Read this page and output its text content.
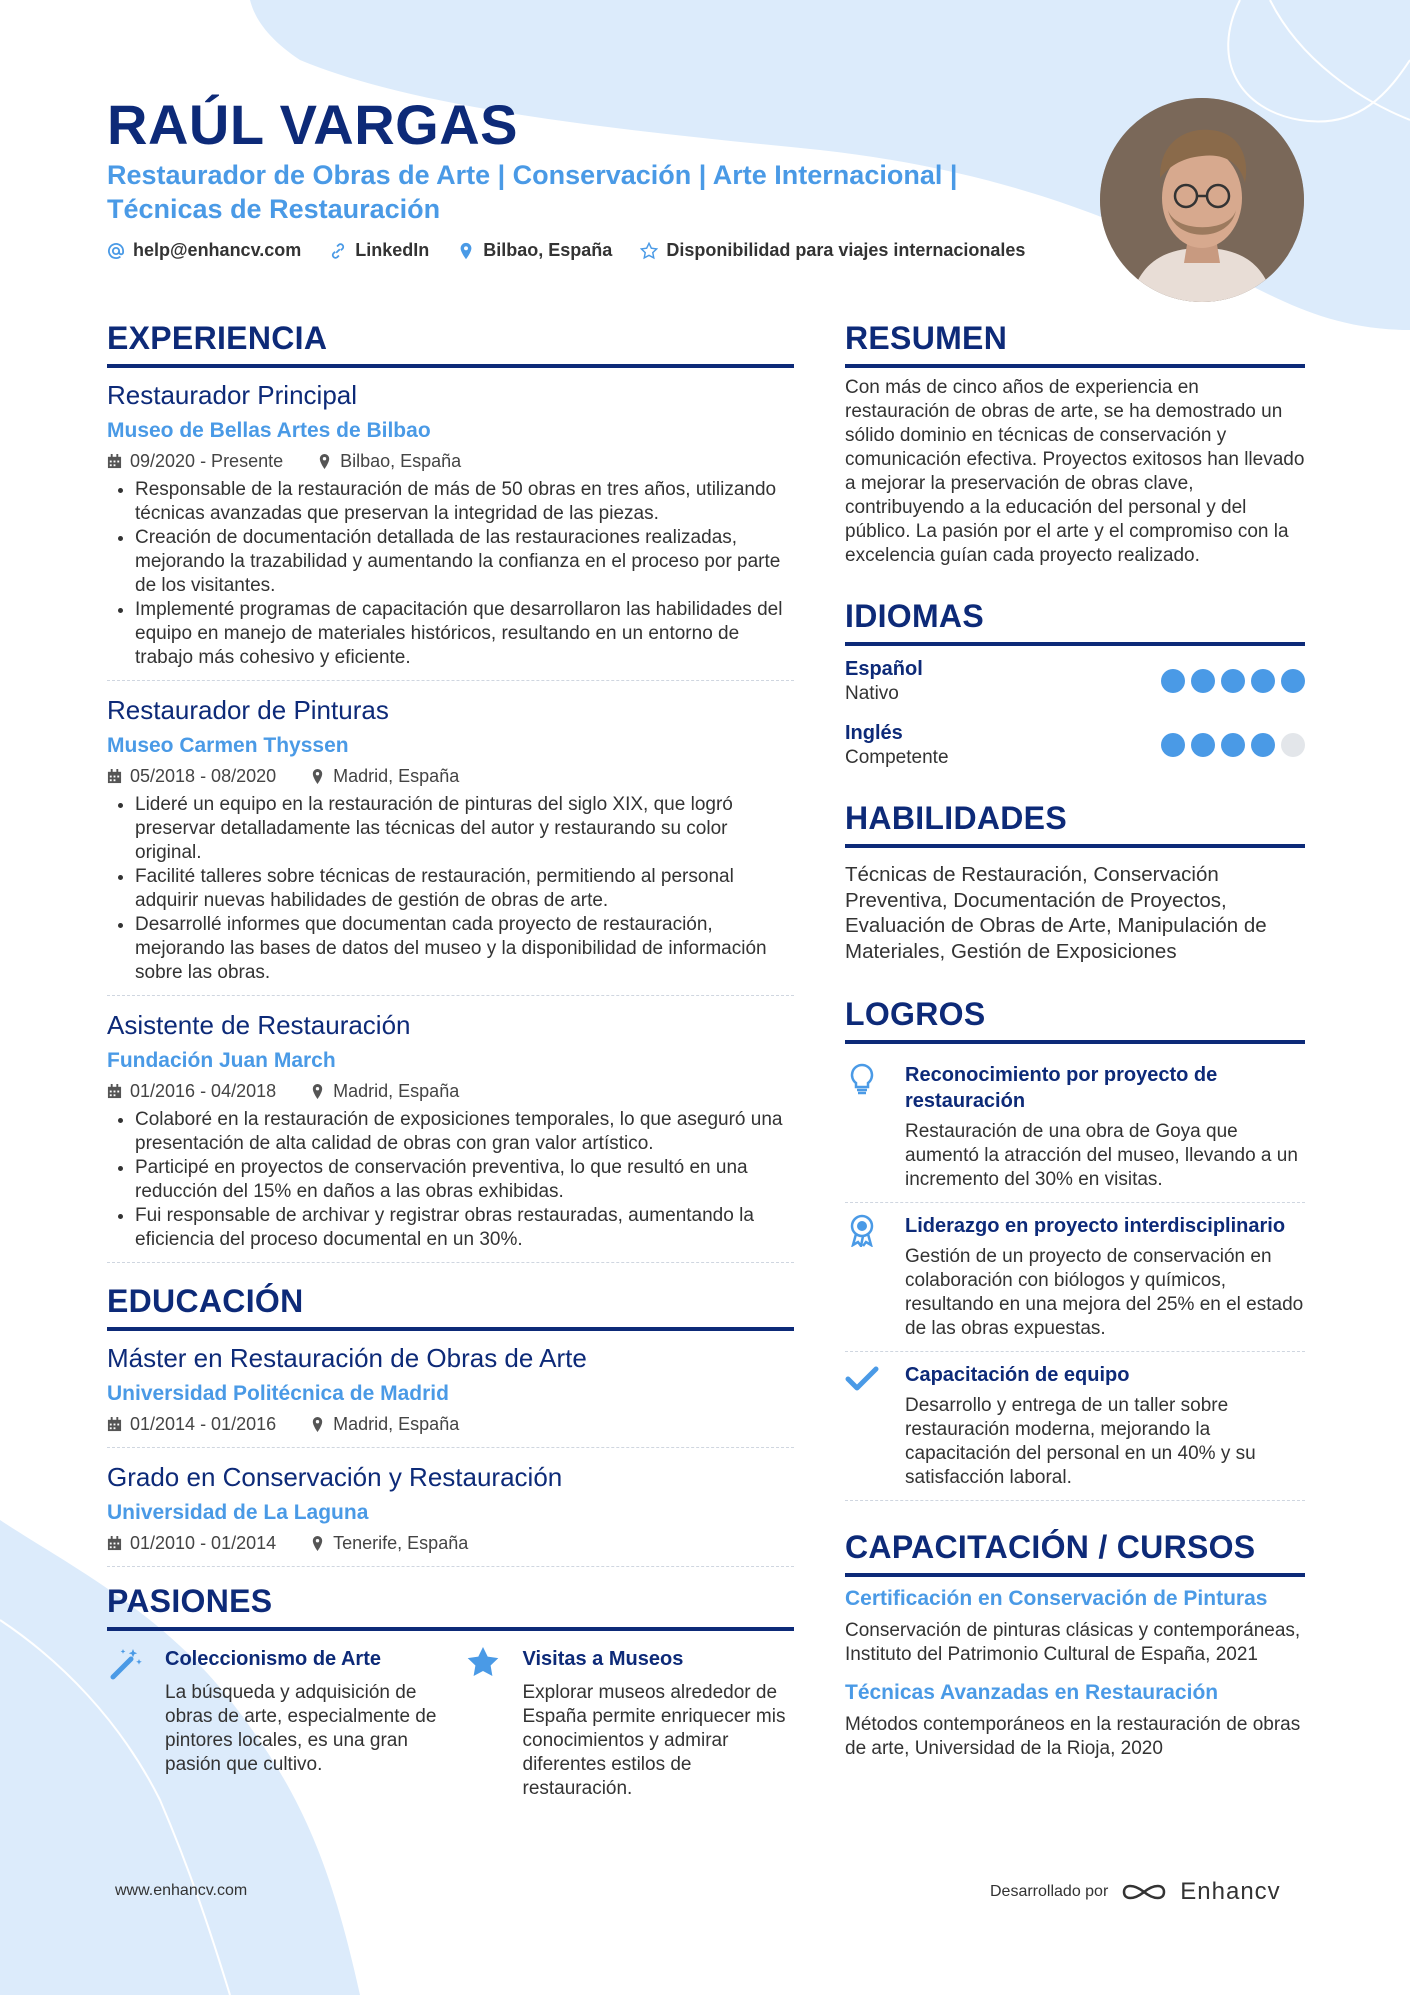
RAÚL VARGAS
Restaurador de Obras de Arte | Conservación | Arte Internacional | Técnicas de Restauración
help@enhancv.com	LinkedIn	Bilbao, España	Disponibilidad para viajes internacionales
EXPERIENCIA
Restaurador Principal
Museo de Bellas Artes de Bilbao
09/2020 - Presente	Bilbao, España
• Responsable de la restauración de más de 50 obras en tres años, utilizando técnicas avanzadas que preservan la integridad de las piezas.
• Creación de documentación detallada de las restauraciones realizadas, mejorando la trazabilidad y aumentando la confianza en el proceso por parte de los visitantes.
• Implementé programas de capacitación que desarrollaron las habilidades del equipo en manejo de materiales históricos, resultando en un entorno de trabajo más cohesivo y eficiente.
Restaurador de Pinturas
Museo Carmen Thyssen
05/2018 - 08/2020	Madrid, España
• Lideré un equipo en la restauración de pinturas del siglo XIX, que logró preservar detalladamente las técnicas del autor y restaurando su color original.
• Facilité talleres sobre técnicas de restauración, permitiendo al personal adquirir nuevas habilidades de gestión de obras de arte.
• Desarrollé informes que documentan cada proyecto de restauración, mejorando las bases de datos del museo y la disponibilidad de información sobre las obras.
Asistente de Restauración
Fundación Juan March
01/2016 - 04/2018	Madrid, España
• Colaboré en la restauración de exposiciones temporales, lo que aseguró una presentación de alta calidad de obras con gran valor artístico.
• Participé en proyectos de conservación preventiva, lo que resultó en una reducción del 15% en daños a las obras exhibidas.
• Fui responsable de archivar y registrar obras restauradas, aumentando la eficiencia del proceso documental en un 30%.
EDUCACIÓN
Máster en Restauración de Obras de Arte
Universidad Politécnica de Madrid
01/2014 - 01/2016	Madrid, España
Grado en Conservación y Restauración
Universidad de La Laguna
01/2010 - 01/2014	Tenerife, España
PASIONES
Coleccionismo de Arte
La búsqueda y adquisición de obras de arte, especialmente de pintores locales, es una gran pasión que cultivo.
Visitas a Museos
Explorar museos alrededor de España permite enriquecer mis conocimientos y admirar diferentes estilos de restauración.
RESUMEN
Con más de cinco años de experiencia en restauración de obras de arte, se ha demostrado un sólido dominio en técnicas de conservación y comunicación efectiva. Proyectos exitosos han llevado a mejorar la preservación de obras clave, contribuyendo a la educación del personal y del público. La pasión por el arte y el compromiso con la excelencia guían cada proyecto realizado.
IDIOMAS
Español
Nativo
Inglés
Competente
HABILIDADES
Técnicas de Restauración, Conservación Preventiva, Documentación de Proyectos, Evaluación de Obras de Arte, Manipulación de Materiales, Gestión de Exposiciones
LOGROS
Reconocimiento por proyecto de restauración
Restauración de una obra de Goya que aumentó la atracción del museo, llevando a un incremento del 30% en visitas.
Liderazgo en proyecto interdisciplinario
Gestión de un proyecto de conservación en colaboración con biólogos y químicos, resultando en una mejora del 25% en el estado de las obras expuestas.
Capacitación de equipo
Desarrollo y entrega de un taller sobre restauración moderna, mejorando la capacitación del personal en un 40% y su satisfacción laboral.
CAPACITACIÓN / CURSOS
Certificación en Conservación de Pinturas
Conservación de pinturas clásicas y contemporáneas, Instituto del Patrimonio Cultural de España, 2021
Técnicas Avanzadas en Restauración
Métodos contemporáneos en la restauración de obras de arte, Universidad de la Rioja, 2020
www.enhancv.com	Desarrollado por	Enhancv
